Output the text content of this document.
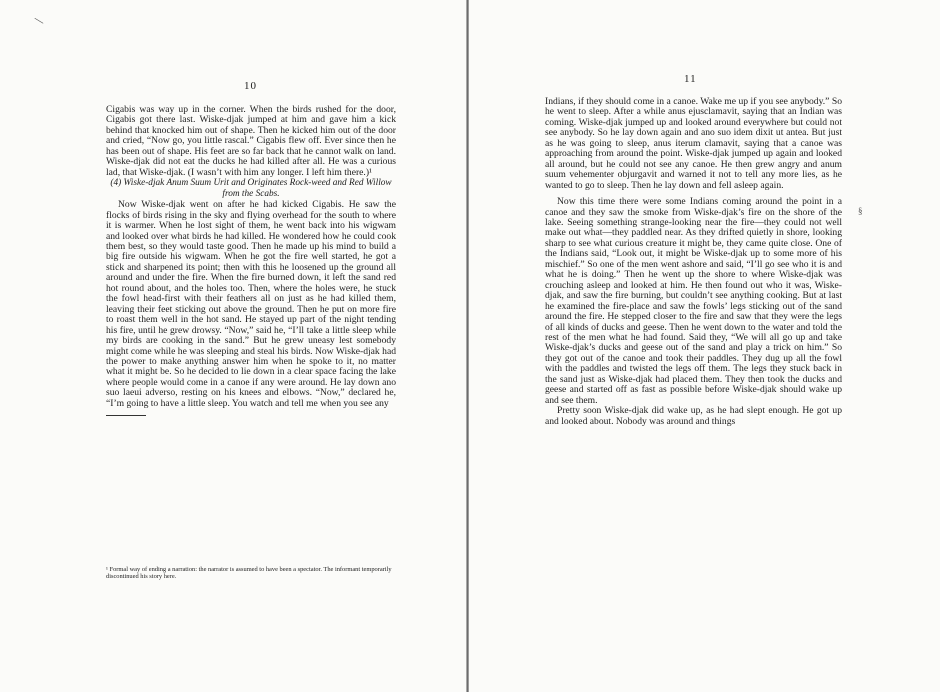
\
10

Cigabis was way up in the corner. When the birds rushed for the door, Cigabis got there last. Wiske-djak jumped at him and gave him a kick behind that knocked him out of shape. Then he kicked him out of the door and cried, “Now go, you little rascal.” Cigabis flew off. Ever since then he has been out of shape. His feet are so far back that he cannot walk on land. Wiske-djak did not eat the ducks he had killed after all. He was a curious lad, that Wiske-djak. (I wasn’t with him any longer. I left him there.)¹

(4) Wiske-djak Anum Suum Urit and Originates Rock-weed and Red Willow from the Scabs.

Now Wiske-djak went on after he had kicked Cigabis. He saw the flocks of birds rising in the sky and flying overhead for the south to where it is warmer. When he lost sight of them, he went back into his wigwam and looked over what birds he had killed. He wondered how he could cook them best, so they would taste good. Then he made up his mind to build a big fire outside his wigwam. When he got the fire well started, he got a stick and sharpened its point; then with this he loosened up the ground all around and under the fire. When the fire burned down, it left the sand red hot round about, and the holes too. Then, where the holes were, he stuck the fowl head-first with their feathers all on just as he had killed them, leaving their feet sticking out above the ground. Then he put on more fire to roast them well in the hot sand. He stayed up part of the night tending his fire, until he grew drowsy. “Now,” said he, “I’ll take a little sleep while my birds are cooking in the sand.” But he grew uneasy lest somebody might come while he was sleeping and steal his birds. Now Wiske-djak had the power to make anything answer him when he spoke to it, no matter what it might be. So he decided to lie down in a clear space facing the lake where people would come in a canoe if any were around. He lay down ano suo laeui adverso, resting on his knees and elbows. “Now,” declared he, “I’m going to have a little sleep. You watch and tell me when you see any

¹ Formal way of ending a narration: the narrator is assumed to have been a spectator. The informant temporarily discontinued his story here.
11

Indians, if they should come in a canoe. Wake me up if you see anybody.” So he went to sleep. After a while anus ejusclamavit, saying that an Indian was coming. Wiske-djak jumped up and looked around everywhere but could not see anybody. So he lay down again and ano suo idem dixit ut antea. But just as he was going to sleep, anus iterum clamavit, saying that a canoe was approaching from around the point. Wiske-djak jumped up again and looked all around, but he could not see any canoe. He then grew angry and anum suum vehementer objurgavit and warned it not to tell any more lies, as he wanted to go to sleep. Then he lay down and fell asleep again.

Now this time there were some Indians coming around the point in a canoe and they saw the smoke from Wiske-djak’s fire on the shore of the lake. Seeing something strange-looking near the fire—they could not well make out what—they paddled near. As they drifted quietly in shore, looking sharp to see what curious creature it might be, they came quite close. One of the Indians said, “Look out, it might be Wiske-djak up to some more of his mischief.” So one of the men went ashore and said, “I’ll go see who it is and what he is doing.” Then he went up the shore to where Wiske-djak was crouching asleep and looked at him. He then found out who it was, Wiske-djak, and saw the fire burning, but couldn’t see anything cooking. But at last he examined the fire-place and saw the fowls’ legs sticking out of the sand around the fire. He stepped closer to the fire and saw that they were the legs of all kinds of ducks and geese. Then he went down to the water and told the rest of the men what he had found. Said they, “We will all go up and take Wiske-djak’s ducks and geese out of the sand and play a trick on him.” So they got out of the canoe and took their paddles. They dug up all the fowl with the paddles and twisted the legs off them. The legs they stuck back in the sand just as Wiske-djak had placed them. They then took the ducks and geese and started off as fast as possible before Wiske-djak should wake up and see them.

Pretty soon Wiske-djak did wake up, as he had slept enough. He got up and looked about. Nobody was around and things

§
